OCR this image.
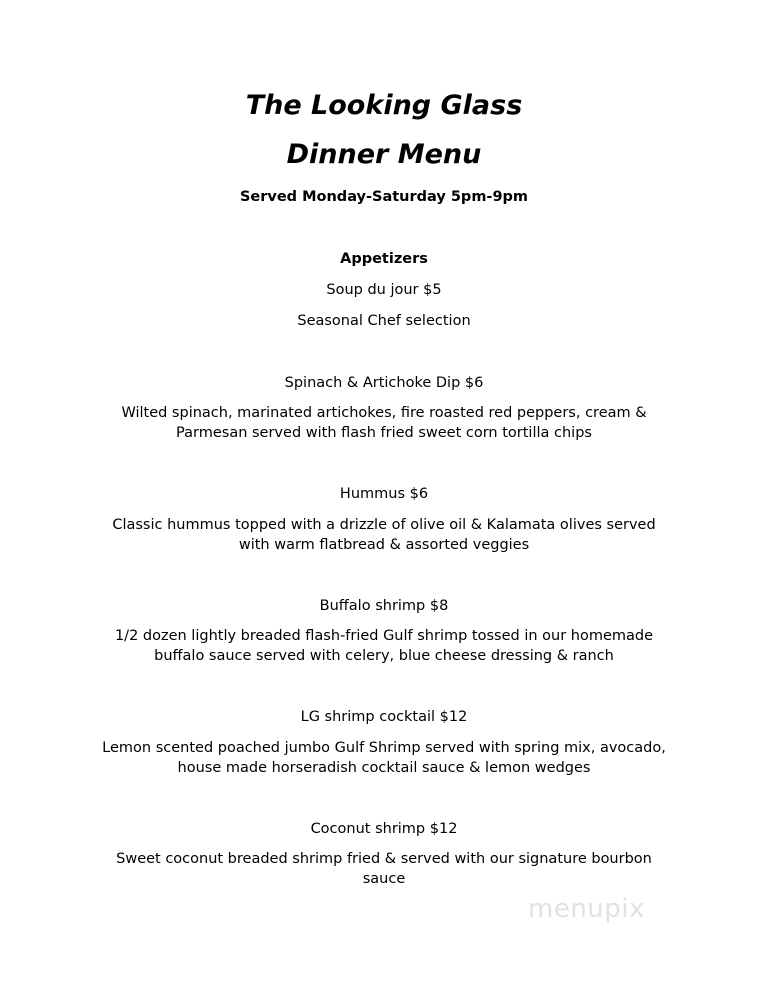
The Looking Glass
Dinner Menu
Served Monday-Saturday 5pm-9pm
Appetizers
Soup du jour $5
Seasonal Chef selection
Spinach & Artichoke Dip $6
Wilted spinach, marinated artichokes, fire roasted red peppers, cream & Parmesan served with flash fried sweet corn tortilla chips
Hummus $6
Classic hummus topped with a drizzle of olive oil & Kalamata olives served with warm flatbread & assorted veggies
Buffalo shrimp $8
1/2 dozen lightly breaded flash-fried Gulf shrimp tossed in our homemade buffalo sauce served with celery, blue cheese dressing & ranch
LG shrimp cocktail $12
Lemon scented poached jumbo Gulf Shrimp served with spring mix, avocado, house made horseradish cocktail sauce & lemon wedges
Coconut shrimp $12
Sweet coconut breaded shrimp fried & served with our signature bourbon sauce
menupix
